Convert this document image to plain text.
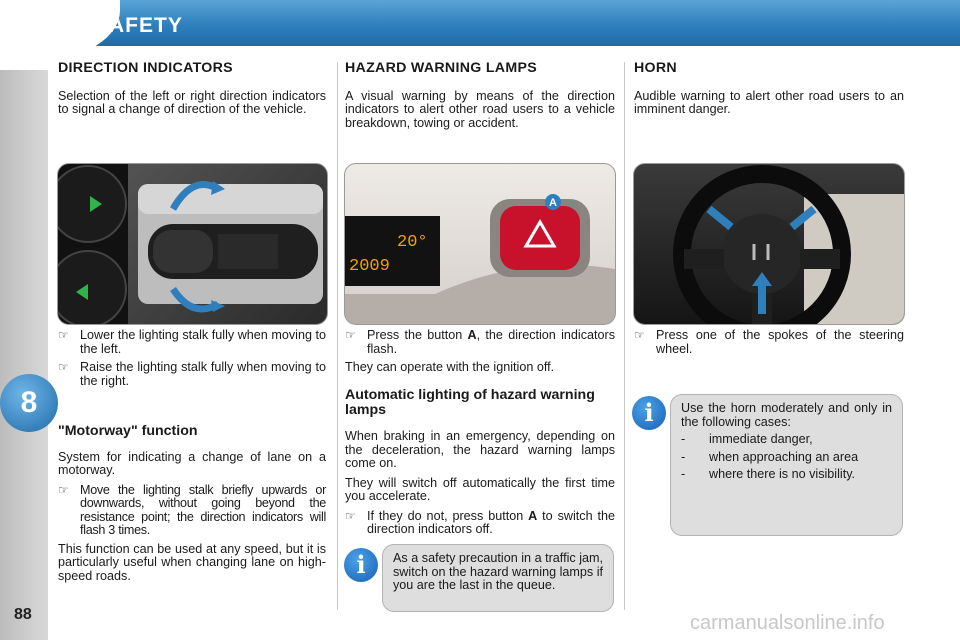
SAFETY
8
88
DIRECTION INDICATORS

Selection of the left or right direction indicators to signal a change of direction of the vehicle.

☞ Lower the lighting stalk fully when moving to the left.
☞ Raise the lighting stalk fully when moving to the right.
"Motorway" function

System for indicating a change of lane on a motorway.

☞ Move the lighting stalk briefly upwards or downwards, without going beyond the resistance point; the direction indicators will flash 3 times.

This function can be used at any speed, but it is particularly useful when changing lane on high-speed roads.

HAZARD WARNING LAMPS

A visual warning by means of the direction indicators to alert other road users to a vehicle breakdown, towing or accident.

A
20°
2009
☞ Press the button A, the direction indicators flash.

They can operate with the ignition off.

Automatic lighting of hazard warning lamps

When braking in an emergency, depending on the deceleration, the hazard warning lamps come on.

They will switch off automatically the first time you accelerate.

☞ If they do not, press button A to switch the direction indicators off.
i	As a safety precaution in a traffic jam, switch on the hazard warning lamps if you are the last in the queue.
HORN

Audible warning to alert other road users to an imminent danger.

☞ Press one of the spokes of the steering wheel.
i	Use the horn moderately and only in the following cases:
- immediate danger,
- when approaching an area
- where there is no visibility.
carmanualsonline.info
